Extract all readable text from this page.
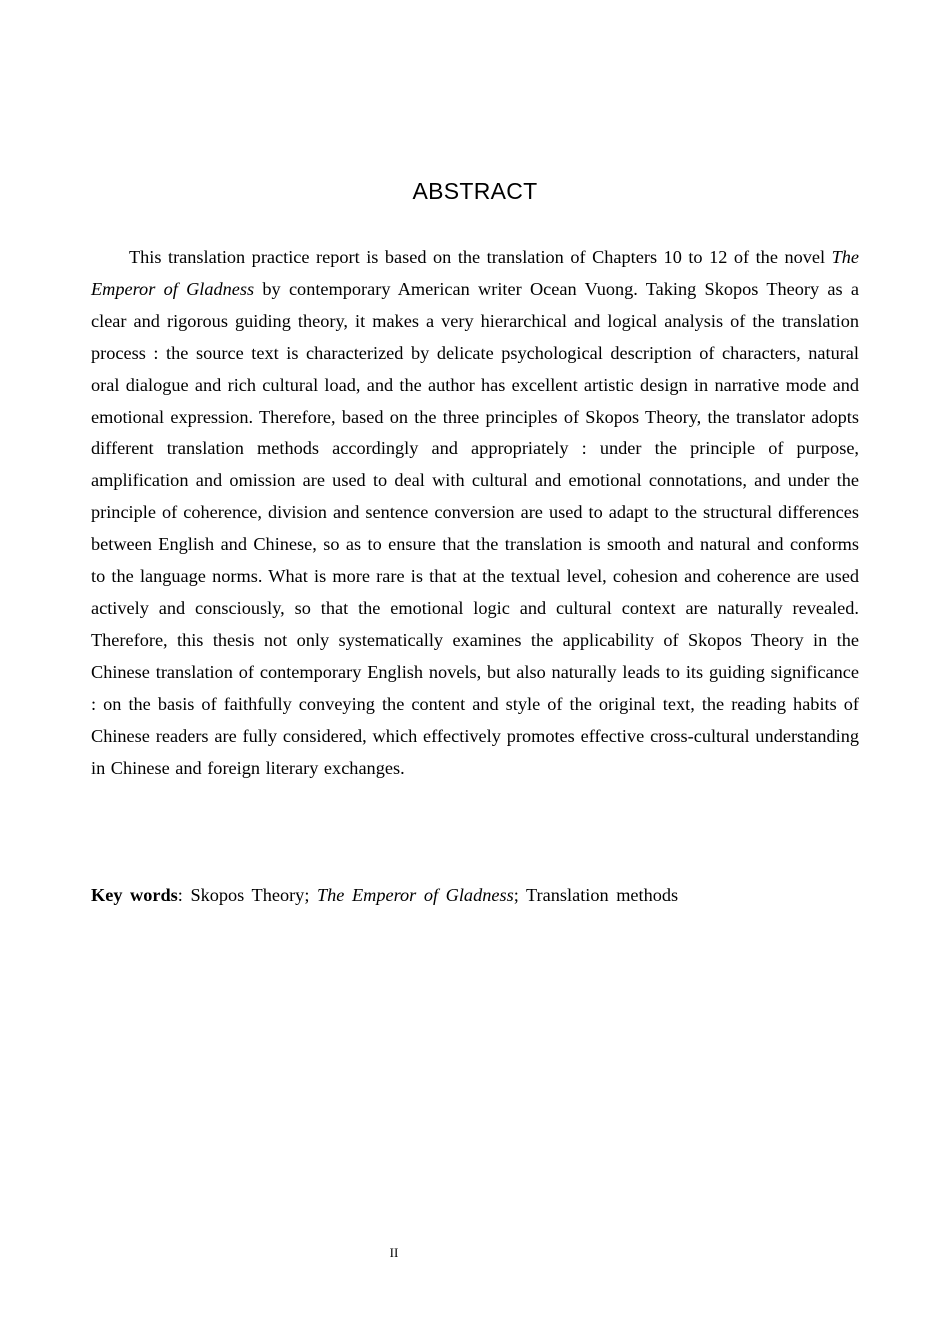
ABSTRACT

This translation practice report is based on the translation of Chapters 10 to 12 of the novel The Emperor of Gladness by contemporary American writer Ocean Vuong. Taking Skopos Theory as a clear and rigorous guiding theory, it makes a very hierarchical and logical analysis of the translation process : the source text is characterized by delicate psychological description of characters, natural oral dialogue and rich cultural load, and the author has excellent artistic design in narrative mode and emotional expression. Therefore, based on the three principles of Skopos Theory, the translator adopts different translation methods accordingly and appropriately : under the principle of purpose, amplification and omission are used to deal with cultural and emotional connotations, and under the principle of coherence, division and sentence conversion are used to adapt to the structural differences between English and Chinese, so as to ensure that the translation is smooth and natural and conforms to the language norms. What is more rare is that at the textual level, cohesion and coherence are used actively and consciously, so that the emotional logic and cultural context are naturally revealed. Therefore, this thesis not only systematically examines the applicability of Skopos Theory in the Chinese translation of contemporary English novels, but also naturally leads to its guiding significance : on the basis of faithfully conveying the content and style of the original text, the reading habits of Chinese readers are fully considered, which effectively promotes effective cross-cultural understanding in Chinese and foreign literary exchanges.

Key words: Skopos Theory; The Emperor of Gladness; Translation methods

II
